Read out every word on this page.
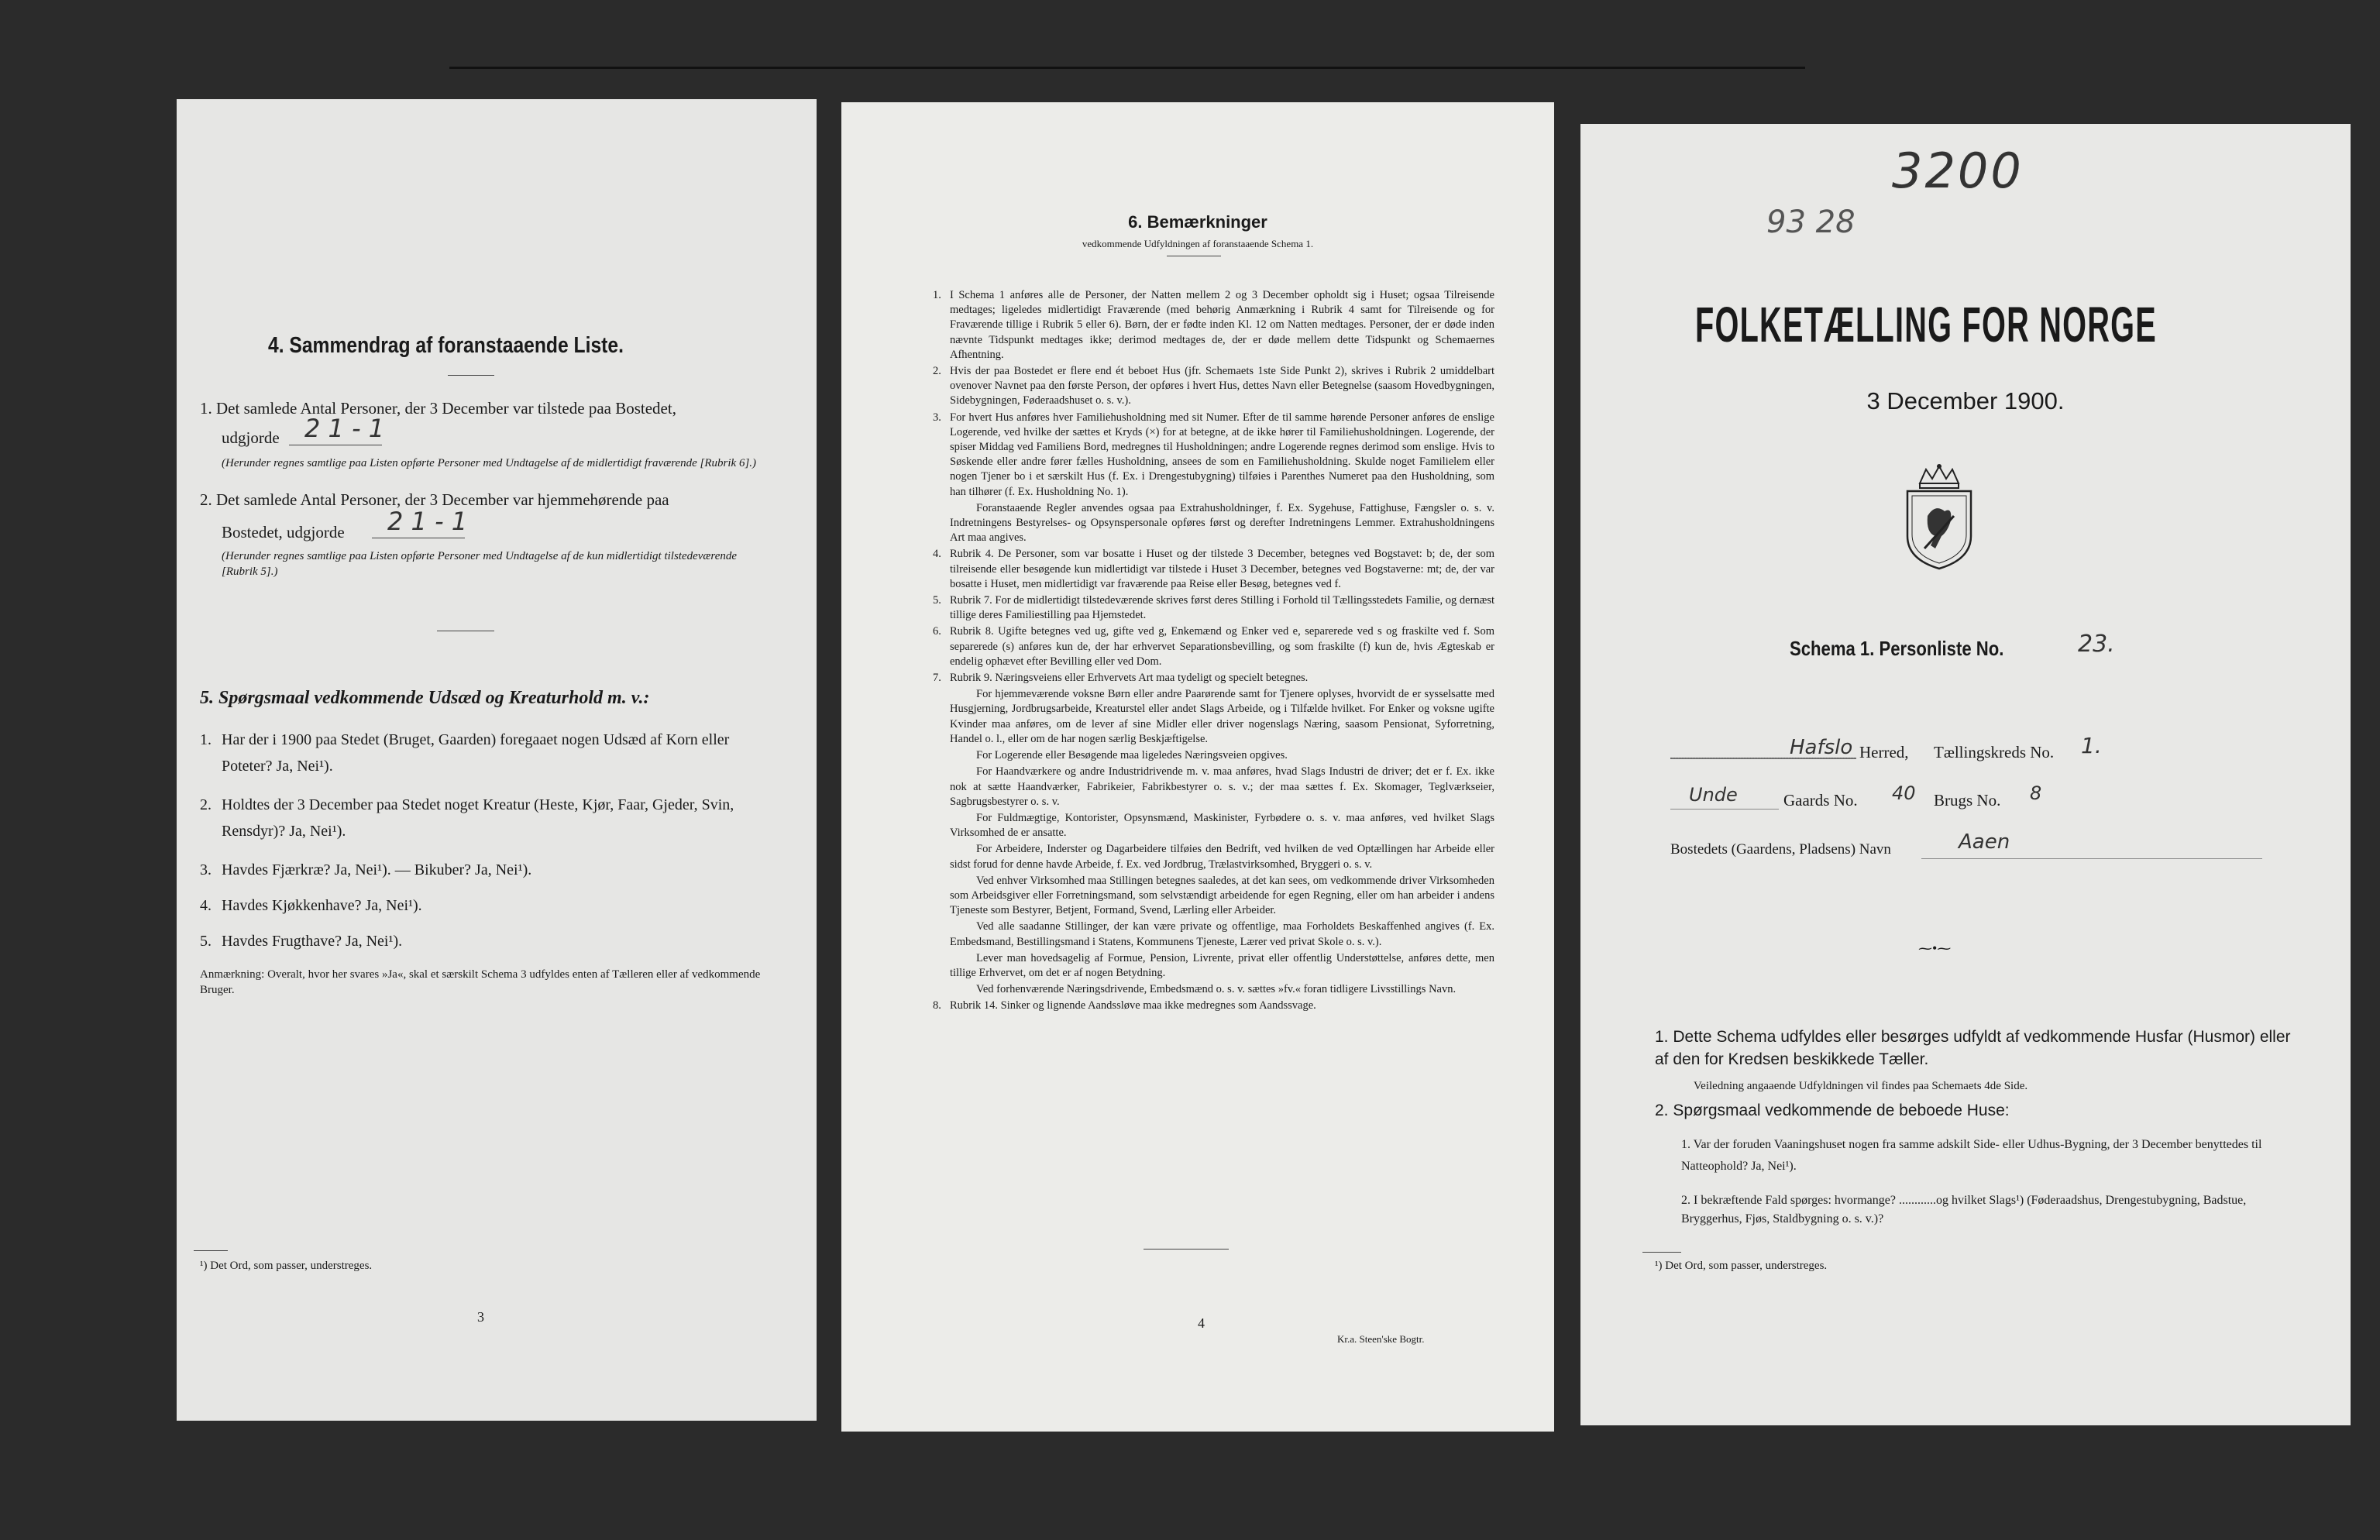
4. Sammendrag af foranstaaende Liste.
1. Det samlede Antal Personer, der 3 December var tilstede paa Bostedet,
udgjorde 2 1 - 1
(Herunder regnes samtlige paa Listen opførte Personer med Undtagelse af de midlertidigt fraværende [Rubrik 6].)
2. Det samlede Antal Personer, der 3 December var hjemmehørende paa
Bostedet, udgjorde 2 1 - 1
(Herunder regnes samtlige paa Listen opførte Personer med Undtagelse af de kun midlertidigt tilstedeværende [Rubrik 5].)
5. Spørgsmaal vedkommende Udsæd og Kreaturhold m. v.:
1. Har der i 1900 paa Stedet (Bruget, Gaarden) foregaaet nogen Udsæd af Korn eller Poteter? Ja, Nei¹).
2. Holdtes der 3 December paa Stedet noget Kreatur (Heste, Kjør, Faar, Gjeder, Svin, Rensdyr)? Ja, Nei¹).
3. Havdes Fjærkræ? Ja, Nei¹). — Bikuber? Ja, Nei¹).
4. Havdes Kjøkkenhave? Ja, Nei¹).
5. Havdes Frugthave? Ja, Nei¹).
Anmærkning: Overalt, hvor her svares »Ja«, skal et særskilt Schema 3 udfyldes enten af Tælleren eller af vedkommende Bruger.
¹) Det Ord, som passer, understreges.
3
6. Bemærkninger
vedkommende Udfyldningen af foranstaaende Schema 1.
1. I Schema 1 anføres alle de Personer, der Natten mellem 2 og 3 December opholdt sig i Huset; ogsaa Tilreisende medtages; ligeledes midlertidigt Fraværende (med behørig Anmærkning i Rubrik 4 samt for Tilreisende og for Fraværende tillige i Rubrik 5 eller 6). Børn, der er fødte inden Kl. 12 om Natten medtages. Personer, der er døde inden nævnte Tidspunkt medtages ikke; derimod medtages de, der er døde mellem dette Tidspunkt og Schemaernes Afhentning.
2. Hvis der paa Bostedet er flere end ét beboet Hus (jfr. Schemaets 1ste Side Punkt 2), skrives i Rubrik 2 umiddelbart ovenover Navnet paa den første Person, der opføres i hvert Hus, dettes Navn eller Betegnelse (saasom Hovedbygningen, Sidebygningen, Føderaadshuset o. s. v.).
3. For hvert Hus anføres hver Familiehusholdning med sit Numer. Efter de til samme hørende Personer anføres de enslige Logerende, ved hvilke der sættes et Kryds (×) for at betegne, at de ikke hører til Familiehusholdningen. Logerende, der spiser Middag ved Familiens Bord, medregnes til Husholdningen; andre Logerende regnes derimod som enslige. Hvis to Søskende eller andre fører fælles Husholdning, ansees de som en Familiehusholdning. Skulde noget Familielem eller nogen Tjener bo i et særskilt Hus (f. Ex. i Drengestubygning) tilføies i Parenthes Numeret paa den Husholdning, som han tilhører (f. Ex. Husholdning No. 1).
Foranstaaende Regler anvendes ogsaa paa Extrahusholdninger, f. Ex. Sygehuse, Fattighuse, Fængsler o. s. v. Indretningens Bestyrelses- og Opsynspersonale opføres først og derefter Indretningens Lemmer. Extrahusholdningens Art maa angives.
4. Rubrik 4. De Personer, som var bosatte i Huset og der tilstede 3 December, betegnes ved Bogstavet: b; de, der som tilreisende eller besøgende kun midlertidigt var tilstede i Huset 3 December, betegnes ved Bogstaverne: mt; de, der var bosatte i Huset, men midlertidigt var fraværende paa Reise eller Besøg, betegnes ved f.
5. Rubrik 7. For de midlertidigt tilstedeværende skrives først deres Stilling i Forhold til Tællingsstedets Familie, og dernæst tillige deres Familiestilling paa Hjemstedet.
6. Rubrik 8. Ugifte betegnes ved ug, gifte ved g, Enkemænd og Enker ved e, separerede ved s og fraskilte ved f. Som separerede (s) anføres kun de, der har erhvervet Separationsbevilling, og som fraskilte (f) kun de, hvis Ægteskab er endelig ophævet efter Bevilling eller ved Dom.
7. Rubrik 9. Næringsveiens eller Erhvervets Art maa tydeligt og specielt betegnes.
For hjemmeværende voksne Børn eller andre Paarørende samt for Tjenere oplyses, hvorvidt de er sysselsatte med Husgjerning, Jordbrugsarbeide, Kreaturstel eller andet Slags Arbeide, og i Tilfælde hvilket. For Enker og voksne ugifte Kvinder maa anføres, om de lever af sine Midler eller driver nogenslags Næring, saasom Pensionat, Syforretning, Handel o. l., eller om de har nogen særlig Beskjæftigelse.
For Logerende eller Besøgende maa ligeledes Næringsveien opgives.
For Haandværkere og andre Industridrivende m. v. maa anføres, hvad Slags Industri de driver; det er f. Ex. ikke nok at sætte Haandværker, Fabrikeier, Fabrikbestyrer o. s. v.; der maa sættes f. Ex. Skomager, Teglværkseier, Sagbrugsbestyrer o. s. v.
For Fuldmægtige, Kontorister, Opsynsmænd, Maskinister, Fyrbødere o. s. v. maa anføres, ved hvilket Slags Virksomhed de er ansatte.
For Arbeidere, Inderster og Dagarbeidere tilføies den Bedrift, ved hvilken de ved Optællingen har Arbeide eller sidst forud for denne havde Arbeide, f. Ex. ved Jordbrug, Trælastvirksomhed, Bryggeri o. s. v.
Ved enhver Virksomhed maa Stillingen betegnes saaledes, at det kan sees, om vedkommende driver Virksomheden som Arbeidsgiver eller Forretningsmand, som selvstændigt arbeidende for egen Regning, eller om han arbeider i andens Tjeneste som Bestyrer, Betjent, Formand, Svend, Lærling eller Arbeider.
Ved alle saadanne Stillinger, der kan være private og offentlige, maa Forholdets Beskaffenhed angives (f. Ex. Embedsmand, Bestillingsmand i Statens, Kommunens Tjeneste, Lærer ved privat Skole o. s. v.).
Lever man hovedsagelig af Formue, Pension, Livrente, privat eller offentlig Understøttelse, anføres dette, men tillige Erhvervet, om det er af nogen Betydning.
Ved forhenværende Næringsdrivende, Embedsmænd o. s. v. sættes »fv.« foran tidligere Livsstillings Navn.
8. Rubrik 14. Sinker og lignende Aandssløve maa ikke medregnes som Aandssvage.
4
Kr.a. Steen'ske Bogtr.
3200
93 28
FOLKETÆLLING FOR NORGE
3 December 1900.
Schema 1. Personliste No.	23.
Hafslo Herred, Tællingskreds No. 1.
Unde	Gaards No. 40 Brugs No. 8
Bostedets (Gaardens, Pladsens) Navn	Aaen
⁓•⁓
1. Dette Schema udfyldes eller besørges udfyldt af vedkommende Husfar (Husmor) eller af den for Kredsen beskikkede Tæller.
Veiledning angaaende Udfyldningen vil findes paa Schemaets 4de Side.
2. Spørgsmaal vedkommende de beboede Huse:
1. Var der foruden Vaaningshuset nogen fra samme adskilt Side- eller Udhus-Bygning, der 3 December benyttedes til Natteophold? Ja, Nei¹).
2. I bekræftende Fald spørges: hvormange? ............og hvilket Slags¹) (Føderaadshus, Drengestubygning, Badstue, Bryggerhus, Fjøs, Staldbygning o. s. v.)?
¹) Det Ord, som passer, understreges.
